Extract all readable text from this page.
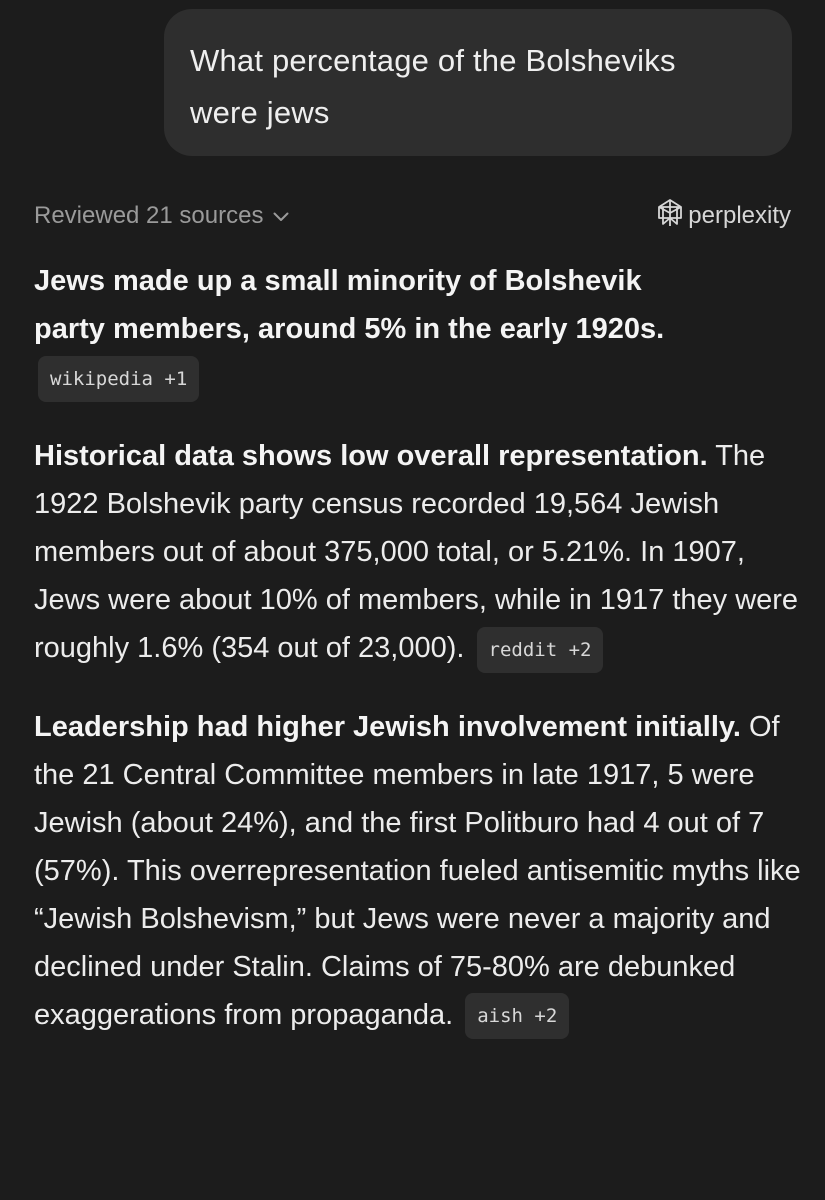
What percentage of the Bolsheviks
were jews
Reviewed 21 sources	perplexity

Jews made up a small minority of Bolshevik
party members, around 5% in the early 1920s.
wikipedia +1

Historical data shows low overall representation. The 1922 Bolshevik party census recorded 19,564 Jewish members out of about 375,000 total, or 5.21%. In 1907, Jews were about 10% of members, while in 1917 they were roughly 1.6% (354 out of 23,000). reddit +2

Leadership had higher Jewish involvement initially. Of the 21 Central Committee members in late 1917, 5 were Jewish (about 24%), and the first Politburo had 4 out of 7 (57%). This overrepresentation fueled antisemitic myths like “Jewish Bolshevism,” but Jews were never a majority and declined under Stalin. Claims of 75-80% are debunked exaggerations from propaganda. aish +2
